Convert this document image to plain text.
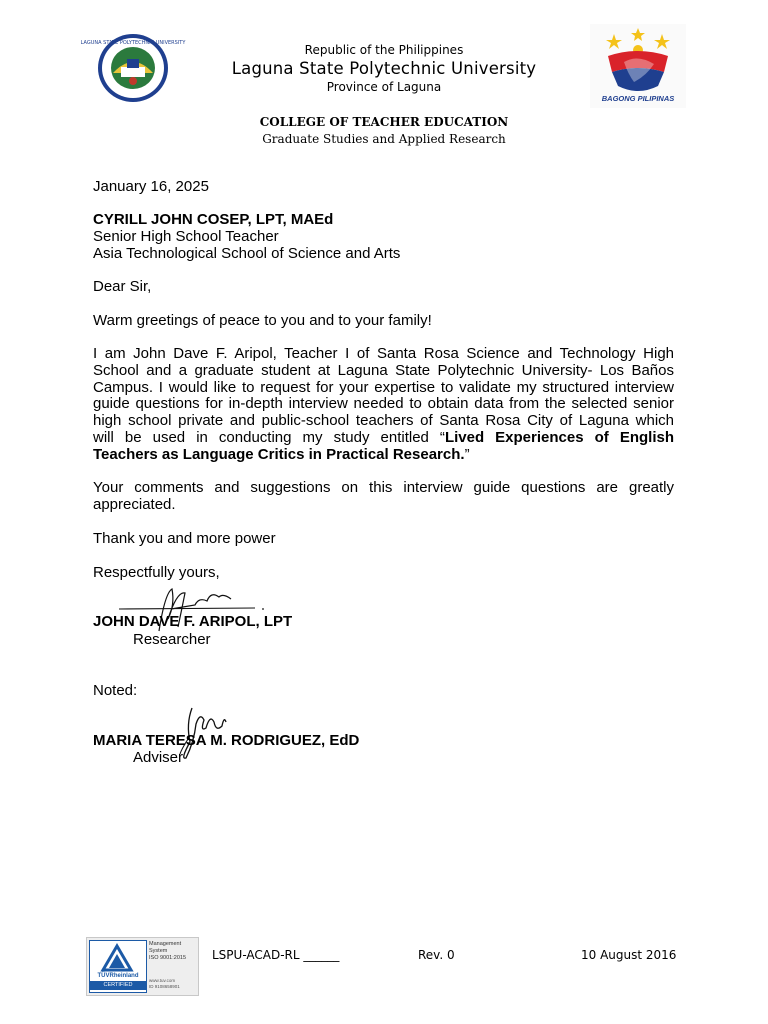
LAGUNA STATE POLYTECHNIC UNIVERSITY
BAGONG PILIPINAS
Republic of the Philippines
Laguna State Polytechnic University
Province of Laguna
COLLEGE OF TEACHER EDUCATION
Graduate Studies and Applied Research
January 16, 2025
CYRILL JOHN COSEP, LPT, MAEd
Senior High School Teacher
Asia Technological School of Science and Arts
Dear Sir,
Warm greetings of peace to you and to your family!
I am John Dave F. Aripol, Teacher I of Santa Rosa Science and Technology High
School and a graduate student at Laguna State Polytechnic University- Los Baños
Campus. I would like to request for your expertise to validate my structured interview
guide questions for in-depth interview needed to obtain data from the selected senior
high school private and public-school teachers of Santa Rosa City of Laguna which
will be used in conducting my study entitled “Lived Experiences of English
Teachers as Language Critics in Practical Research.”
Your comments and suggestions on this interview guide questions are greatly
appreciated.
Thank you and more power
Respectfully yours,
JOHN DAVE F. ARIPOL, LPT
Researcher
Noted:
MARIA TERESA M. RODRIGUEZ, EdD
Adviser
TÜVRheinland
CERTIFIED
Management
System
ISO 9001:2015
www.tuv.com
ID 9108658901
LSPU-ACAD-RL ______	Rev. 0	10 August 2016
